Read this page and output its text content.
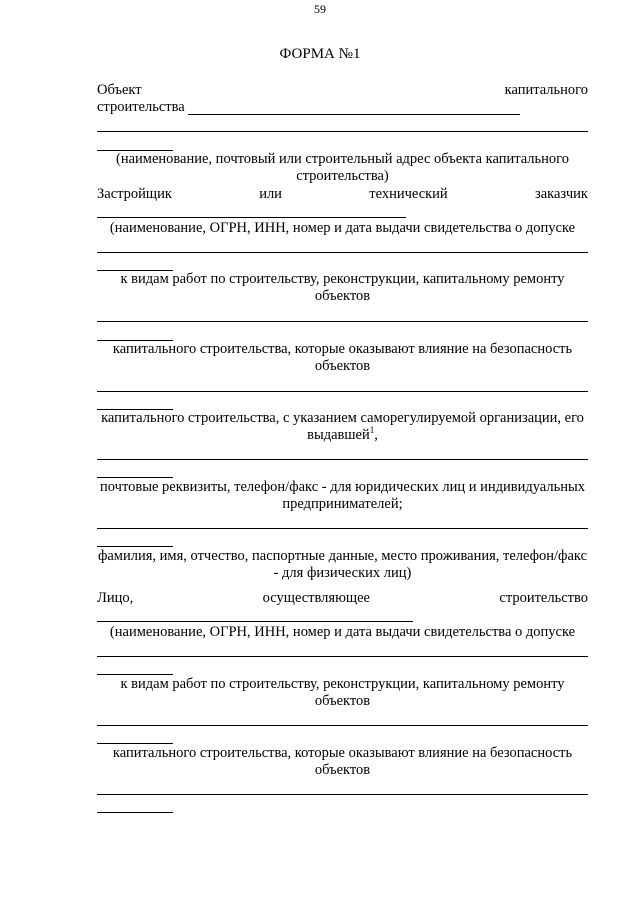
59
ФОРМА №1
Объект	капитального
строительства
(наименование, почтовый или строительный адрес объекта капитального строительства)
Застройщик	или	технический	заказчик
(наименование, ОГРН, ИНН, номер и дата выдачи свидетельства о допуске
к видам работ по строительству, реконструкции, капитальному ремонту объектов
капитального строительства, которые оказывают влияние на безопасность объектов
капитального строительства, с указанием саморегулируемой организации, его выдавшей$^1$,
почтовые реквизиты, телефон/факс - для юридических лиц и индивидуальных предпринимателей;
фамилия, имя, отчество, паспортные данные, место проживания, телефон/факс - для физических лиц)
Лицо,	осуществляющее	строительство
(наименование, ОГРН, ИНН, номер и дата выдачи свидетельства о допуске
к видам работ по строительству, реконструкции, капитальному ремонту объектов
капитального строительства, которые оказывают влияние на безопасность объектов
